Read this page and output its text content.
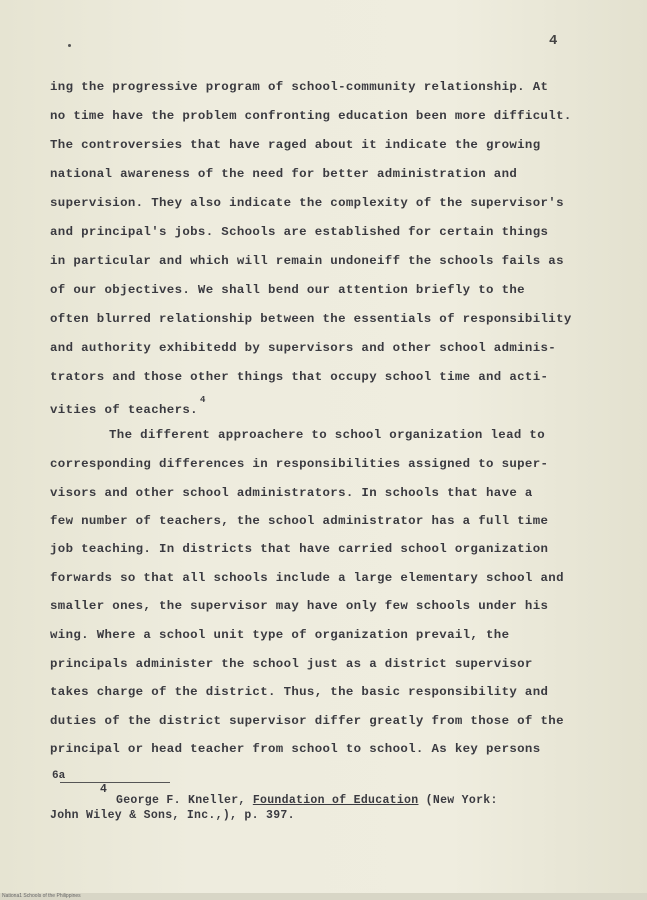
4
ing the progressive program of school-community relationship. At
no time have the problem confronting education been more difficult.
The controversies that have raged about it indicate the growing
national awareness of the need for better administration and
supervision. They also indicate the complexity of the supervisor's
and principal's jobs. Schools are established for certain things
in particular and which will remain undoneiff the schools fails as
of our objectives. We shall bend our attention briefly to the
often blurred relationship between the essentials of responsibility
and authority exhibitedd by supervisors and other school adminis-
trators and those other things that occupy school time and acti-
vities of teachers.$^4$
The different approachere to school organization lead to
corresponding differences in responsibilities assigned to super-
visors and other school administrators. In schools that have a
few number of teachers, the school administrator has a full time
job teaching. In districts that have carried school organization
forwards so that all schools include a large elementary school and
smaller ones, the supervisor may have only few schools under his
wing. Where a school unit type of organization prevail, the
principals administer the school just as a district supervisor
takes charge of the district. Thus, the basic responsibility and
duties of the district supervisor differ greatly from those of the
principal or head teacher from school to school. As key persons
6a
4
George F. Kneller, Foundation of Education (New York:
John Wiley & Sons, Inc.,), p. 397.
Nationa1 Schools of the Philippines
